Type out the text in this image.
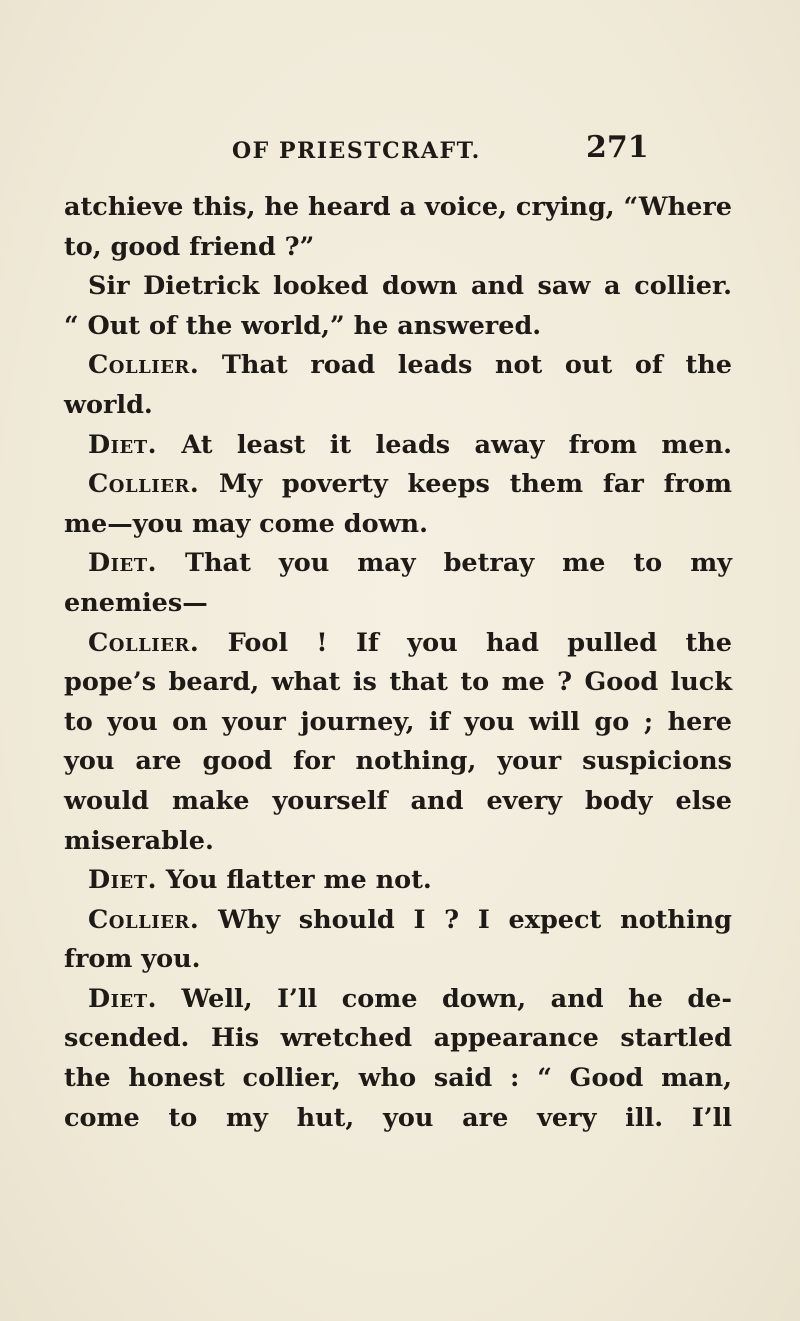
OF PRIESTCRAFT.	271
atchieve this, he heard a voice, crying, “Where
to, good friend ?”
Sir Dietrick looked down and saw a collier.
“ Out of the world,” he answered.
Collier. That road leads not out of the
world.
Diet. At least it leads away from men.
Collier. My poverty keeps them far from
me—you may come down.
Diet. That you may betray me to my
enemies—
Collier. Fool ! If you had pulled the
pope’s beard, what is that to me ? Good luck
to you on your journey, if you will go ; here
you are good for nothing, your suspicions
would make yourself and every body else
miserable.
Diet. You flatter me not.
Collier. Why should I ? I expect nothing
from you.
Diet. Well, I’ll come down, and he de-
scended. His wretched appearance startled
the honest collier, who said : “ Good man,
come to my hut, you are very ill. I’ll
